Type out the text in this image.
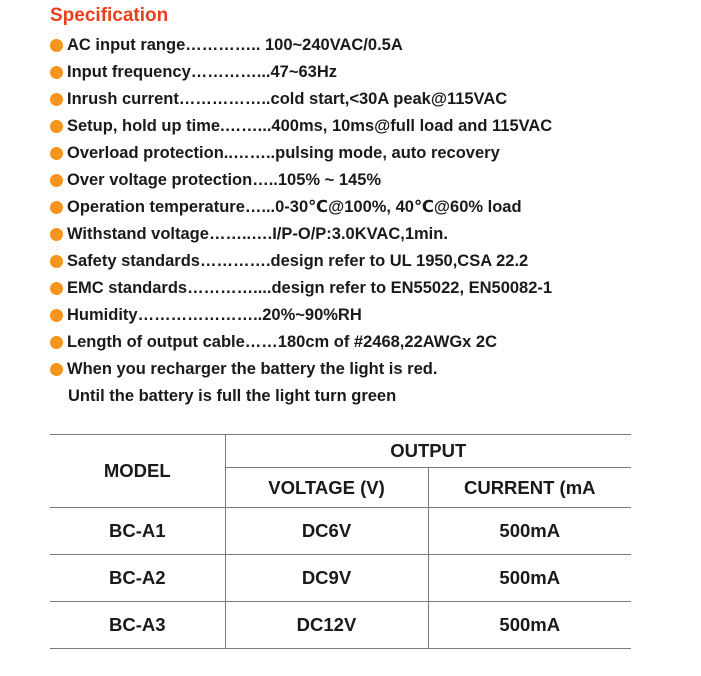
Specification
AC input range………….. 100~240VAC/0.5A
Input frequency…………...47~63Hz
Inrush current……………..cold start,<30A peak@115VAC
Setup, hold up time.……...400ms, 10ms@full load and 115VAC
Overload protection..……..pulsing mode, auto recovery
Over voltage protection…..105% ~ 145%
Operation temperature…...0-30℃@100%, 40℃@60% load
Withstand voltage……..….I/P-O/P:3.0KVAC,1min.
Safety standards………….design refer to UL 1950,CSA 22.2
EMC standards…………....design refer to EN55022, EN50082-1
Humidity…………………..20%~90%RH
Length of output cable……180cm of #2468,22AWGx 2C
When you recharger the battery the light is red.
Until the battery is full the light turn green
MODEL	OUTPUT	
	VOLTAGE (V)	CURRENT (mA
BC-A1	DC6V	500mA
BC-A2	DC9V	500mA
BC-A3	DC12V	500mA
